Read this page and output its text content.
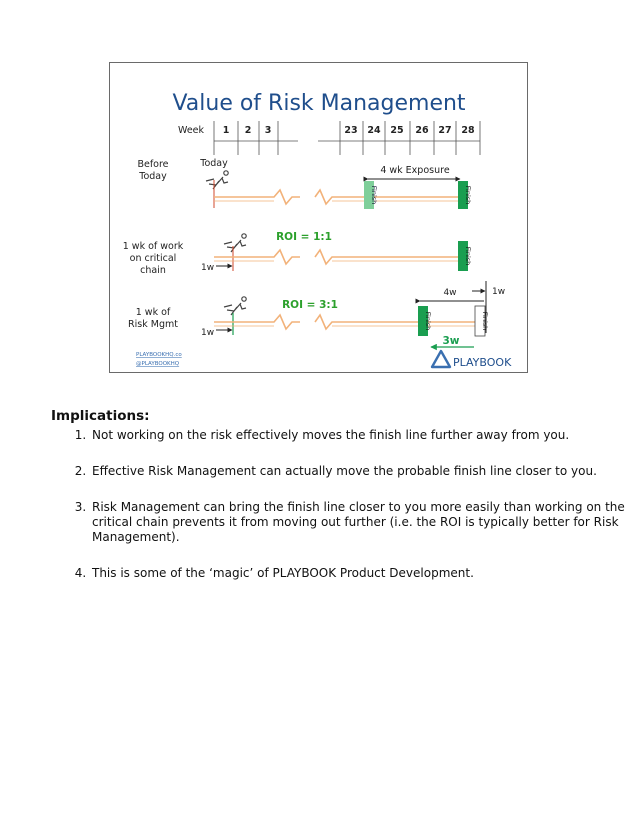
Value of Risk Management
Week 1 2 3	23 24 25 26 27 28
Before
Today
Today
4 wk Exposure
Finish	Finish
1 wk of work
on critical
chain
ROI = 1:1
1w
Finish
1 wk of
Risk Mgmt
ROI = 3:1
1w
4w	1w
Finish	Finish
3w
PLAYBOOKHQ.co
@PLAYBOOKHQ	PLAYBOOK
Implications:
1. Not working on the risk effectively moves the finish line further away from you.
2. Effective Risk Management can actually move the probable finish line closer to you.
3. Risk Management can bring the finish line closer to you more easily than working on the critical chain prevents it from moving out further (i.e. the ROI is typically better for Risk Management).
4. This is some of the ‘magic’ of PLAYBOOK Product Development.
